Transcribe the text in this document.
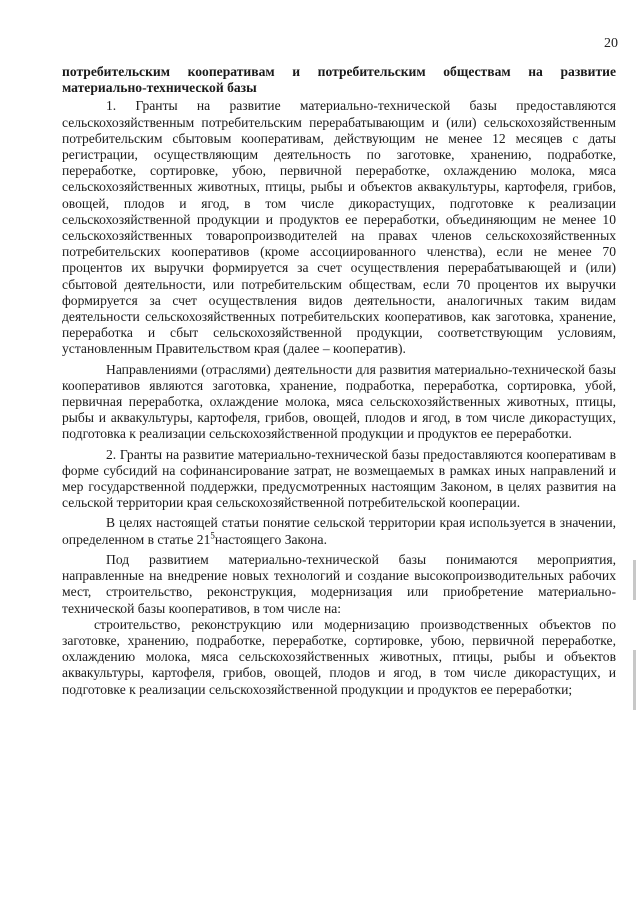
20

потребительским кооперативам и потребительским обществам на развитие материально-технической базы

1. Гранты на развитие материально-технической базы предоставляются сельскохозяйственным потребительским перерабатывающим и (или) сельскохозяйственным потребительским сбытовым кооперативам, действующим не менее 12 месяцев с даты регистрации, осуществляющим деятельность по заготовке, хранению, подработке, переработке, сортировке, убою, первичной переработке, охлаждению молока, мяса сельскохозяйственных животных, птицы, рыбы и объектов аквакультуры, картофеля, грибов, овощей, плодов и ягод, в том числе дикорастущих, подготовке к реализации сельскохозяйственной продукции и продуктов ее переработки, объединяющим не менее 10 сельскохозяйственных товаропроизводителей на правах членов сельскохозяйственных потребительских кооперативов (кроме ассоциированного членства), если не менее 70 процентов их выручки формируется за счет осуществления перерабатывающей и (или) сбытовой деятельности, или потребительским обществам, если 70 процентов их выручки формируется за счет осуществления видов деятельности, аналогичных таким видам деятельности сельскохозяйственных потребительских кооперативов, как заготовка, хранение, переработка и сбыт сельскохозяйственной продукции, соответствующим условиям, установленным Правительством края (далее – кооператив).

Направлениями (отраслями) деятельности для развития материально-технической базы кооперативов являются заготовка, хранение, подработка, переработка, сортировка, убой, первичная переработка, охлаждение молока, мяса сельскохозяйственных животных, птицы, рыбы и аквакультуры, картофеля, грибов, овощей, плодов и ягод, в том числе дикорастущих, подготовка к реализации сельскохозяйственной продукции и продуктов ее переработки.

2. Гранты на развитие материально-технической базы предоставляются кооперативам в форме субсидий на софинансирование затрат, не возмещаемых в рамках иных направлений и мер государственной поддержки, предусмотренных настоящим Законом, в целях развития на сельской территории края сельскохозяйственной потребительской кооперации.

В целях настоящей статьи понятие сельской территории края используется в значении, определенном в статье $21^5настоящего$ Закона.

Под развитием материально-технической базы понимаются мероприятия, направленные на внедрение новых технологий и создание высокопроизводительных рабочих мест, строительство, реконструкция, модернизация или приобретение материально-технической базы кооперативов, в том числе на:

строительство, реконструкцию или модернизацию производственных объектов по заготовке, хранению, подработке, переработке, сортировке, убою, первичной переработке, охлаждению молока, мяса сельскохозяйственных животных, птицы, рыбы и объектов аквакультуры, картофеля, грибов, овощей, плодов и ягод, в том числе дикорастущих, и подготовке к реализации сельскохозяйственной продукции и продуктов ее переработки;
